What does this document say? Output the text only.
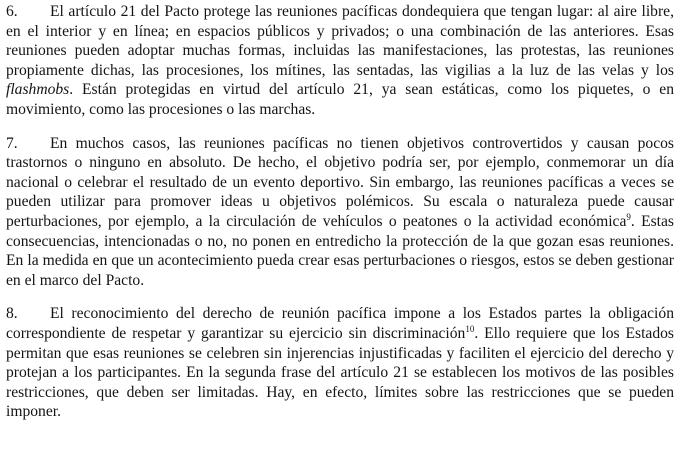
6. El artículo 21 del Pacto protege las reuniones pacíficas dondequiera que tengan lugar: al aire libre, en el interior y en línea; en espacios públicos y privados; o una combinación de las anteriores. Esas reuniones pueden adoptar muchas formas, incluidas las manifestaciones, las protestas, las reuniones propiamente dichas, las procesiones, los mítines, las sentadas, las vigilias a la luz de las velas y los flashmobs. Están protegidas en virtud del artículo 21, ya sean estáticas, como los piquetes, o en movimiento, como las procesiones o las marchas.

7. En muchos casos, las reuniones pacíficas no tienen objetivos controvertidos y causan pocos trastornos o ninguno en absoluto. De hecho, el objetivo podría ser, por ejemplo, conmemorar un día nacional o celebrar el resultado de un evento deportivo. Sin embargo, las reuniones pacíficas a veces se pueden utilizar para promover ideas u objetivos polémicos. Su escala o naturaleza puede causar perturbaciones, por ejemplo, a la circulación de vehículos o peatones o la actividad económica$^9$. Estas consecuencias, intencionadas o no, no ponen en entredicho la protección de la que gozan esas reuniones. En la medida en que un acontecimiento pueda crear esas perturbaciones o riesgos, estos se deben gestionar en el marco del Pacto.

8. El reconocimiento del derecho de reunión pacífica impone a los Estados partes la obligación correspondiente de respetar y garantizar su ejercicio sin discriminación$^{10}$. Ello requiere que los Estados permitan que esas reuniones se celebren sin injerencias injustificadas y faciliten el ejercicio del derecho y protejan a los participantes. En la segunda frase del artículo 21 se establecen los motivos de las posibles restricciones, que deben ser limitadas. Hay, en efecto, límites sobre las restricciones que se pueden imponer.
